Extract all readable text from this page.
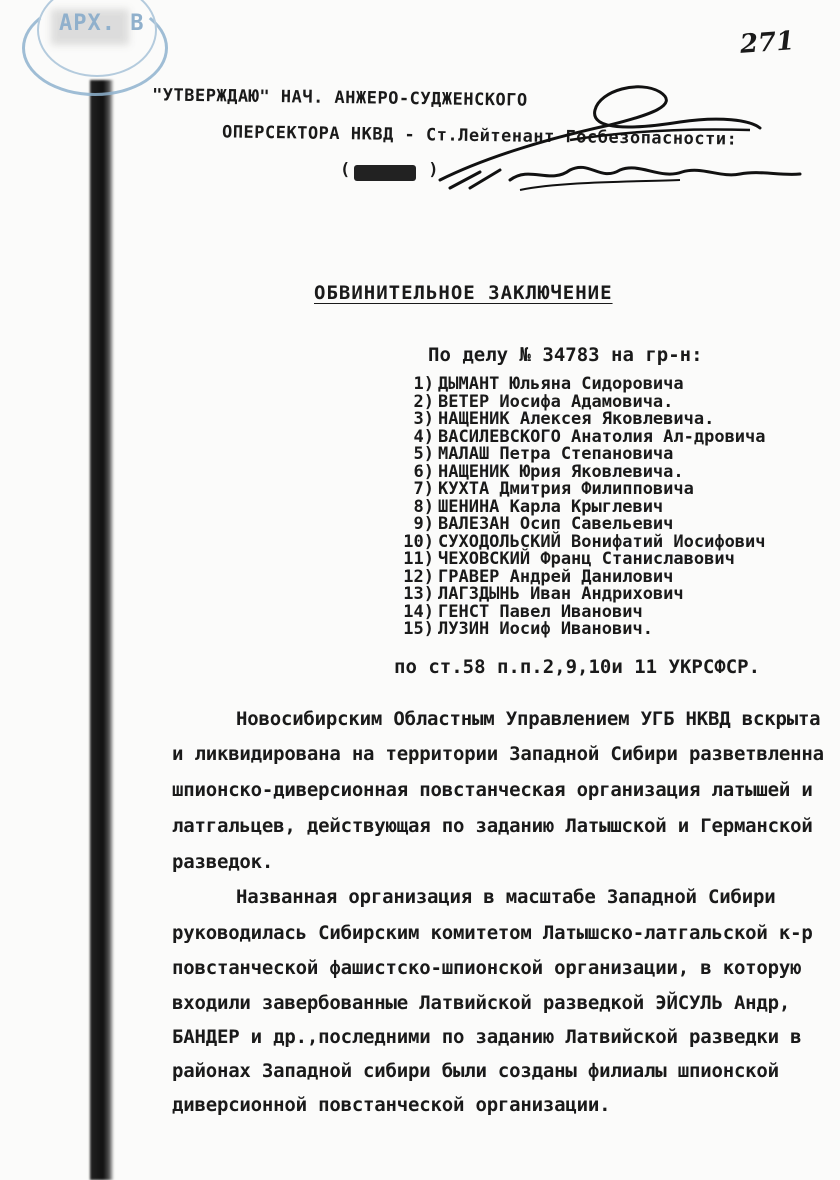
АРХ. В
271
"УТВЕРЖДАЮ" НАЧ. АНЖЕРО-СУДЖЕНСКОГО
ОПЕРСЕКТОРА НКВД - Ст.Лейтенант Госбезопасности:
(	)
ОБВИНИТЕЛЬНОЕ ЗАКЛЮЧЕНИЕ
По делу № 34783 на гр-н:
1) ДЫМАНТ Юльяна Сидоровича
2) ВЕТЕР Иосифа Адамовича.
3) НАЩЕНИК Алексея Яковлевича.
4) ВАСИЛЕВСКОГО Анатолия Ал-дровича
5) МАЛАШ Петра Степановича
6) НАЩЕНИК Юрия Яковлевича.
7) КУХТА Дмитрия Филипповича
8) ШЕНИНА Карла Крыглевич
9) ВАЛЕЗАН Осип Савельевич
10) СУХОДОЛЬСКИЙ Вонифатий Иосифович
11) ЧЕХОВСКИЙ Франц Станиславович
12) ГРАВЕР Андрей Данилович
13) ЛАГЗДЫНЬ Иван Андрихович
14) ГЕНСТ Павел Иванович
15) ЛУЗИН Иосиф Иванович.
по ст.58 п.п.2,9,10и 11 УКРСФСР.
Новосибирским Областным Управлением УГБ НКВД вскрыта
и ликвидирована на территории Западной Сибири разветвленна
шпионско-диверсионная повстанческая организация латышей и
латгальцев, действующая по заданию Латышской и Германской
разведок.
Названная организация в масштабе Западной Сибири
руководилась Сибирским комитетом Латышско-латгальской к-р
повстанческой фашистско-шпионской организации, в которую
входили завербованные Латвийской разведкой ЭЙСУЛЬ Андр,
БАНДЕР и др.,последними по заданию Латвийской разведки в
районах Западной сибири были созданы филиалы шпионской
диверсионной повстанческой организации.
